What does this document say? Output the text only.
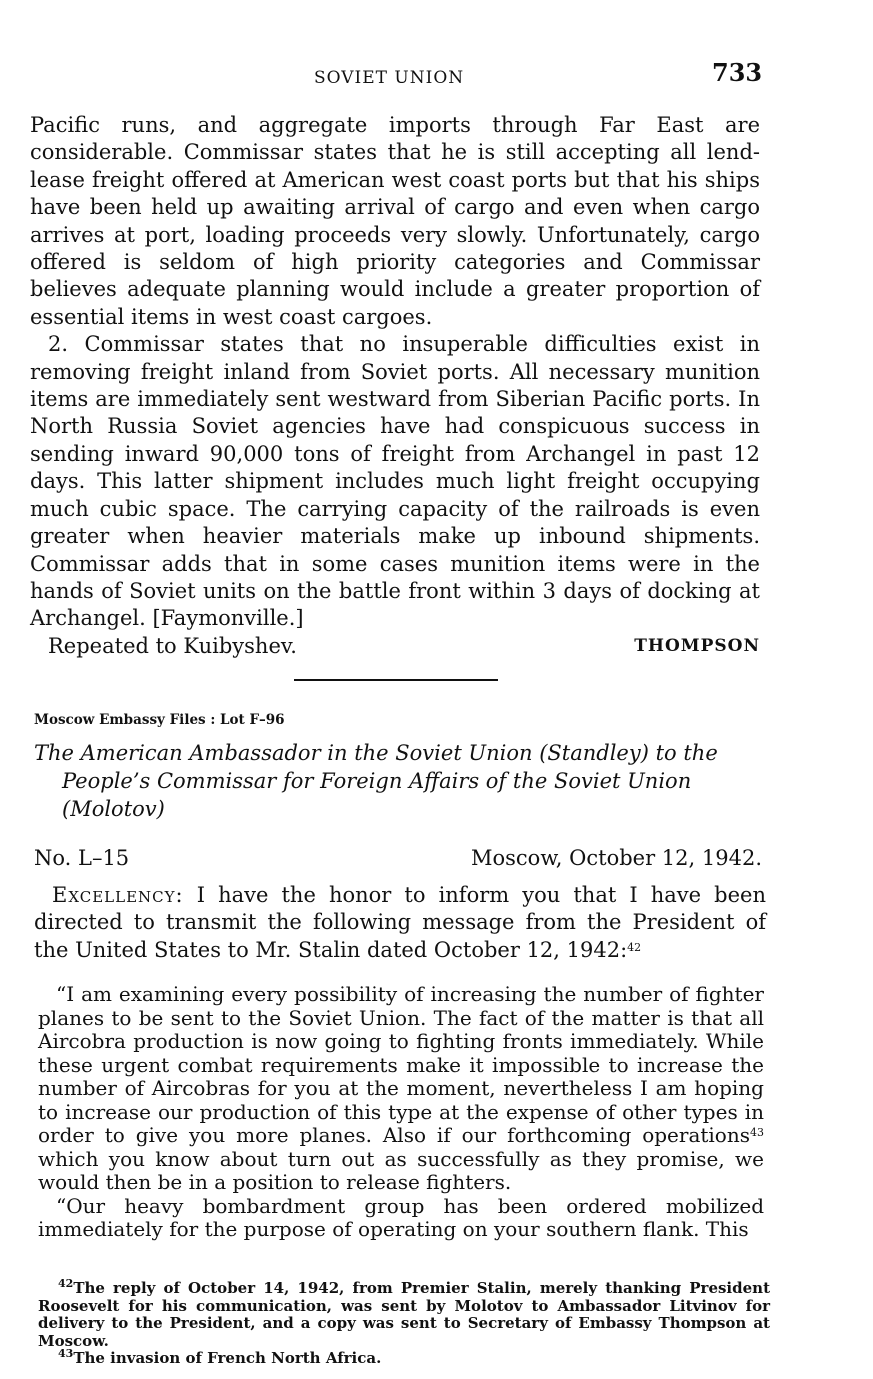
SOVIET UNION	733

Pacific runs, and aggregate imports through Far East are considerable. Commissar states that he is still accepting all lend-lease freight offered at American west coast ports but that his ships have been held up awaiting arrival of cargo and even when cargo arrives at port, loading proceeds very slowly. Unfortunately, cargo offered is seldom of high priority categories and Commissar believes adequate planning would include a greater proportion of essential items in west coast cargoes.

2. Commissar states that no insuperable difficulties exist in removing freight inland from Soviet ports. All necessary munition items are immediately sent westward from Siberian Pacific ports. In North Russia Soviet agencies have had conspicuous success in sending inward 90,000 tons of freight from Archangel in past 12 days. This latter shipment includes much light freight occupying much cubic space. The carrying capacity of the railroads is even greater when heavier materials make up inbound shipments. Commissar adds that in some cases munition items were in the hands of Soviet units on the battle front within 3 days of docking at Archangel. [Faymonville.]

Repeated to Kuibyshev.	THOMPSON
Moscow Embassy Files : Lot F–96
The American Ambassador in the Soviet Union (Standley) to the People’s Commissar for Foreign Affairs of the Soviet Union (Molotov)
No. L–15	Moscow, October 12, 1942.

Excellency: I have the honor to inform you that I have been directed to transmit the following message from the President of the United States to Mr. Stalin dated October 12, 1942:$^{42}$

“I am examining every possibility of increasing the number of fighter planes to be sent to the Soviet Union. The fact of the matter is that all Aircobra production is now going to fighting fronts immediately. While these urgent combat requirements make it impossible to increase the number of Aircobras for you at the moment, nevertheless I am hoping to increase our production of this type at the expense of other types in order to give you more planes. Also if our forthcoming operations$^{43}$ which you know about turn out as successfully as they promise, we would then be in a position to release fighters.

“Our heavy bombardment group has been ordered mobilized immediately for the purpose of operating on your southern flank. This

$^{42}$The reply of October 14, 1942, from Premier Stalin, merely thanking President Roosevelt for his communication, was sent by Molotov to Ambassador Litvinov for delivery to the President, and a copy was sent to Secretary of Embassy Thompson at Moscow.

$^{43}$The invasion of French North Africa.
